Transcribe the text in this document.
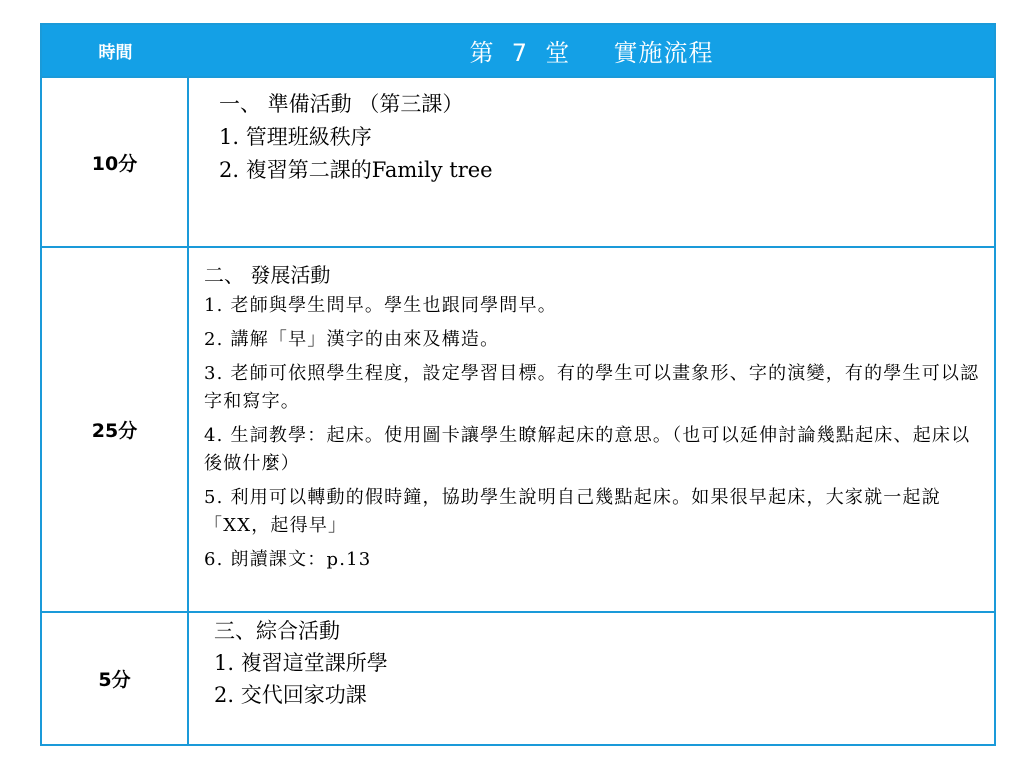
時間	第  7  堂
實施流程
10分
一、 準備活動 （第三課）
1. 管理班級秩序
2. 複習第二課的Family tree
25分
二、 發展活動
1. 老師與學生問早。學生也跟同學問早。
2. 講解「早」漢字的由來及構造。
3. 老師可依照學生程度，設定學習目標。有的學生可以畫象形、字的演變，有的學生可以認字和寫字。
4. 生詞教學：起床。使用圖卡讓學生瞭解起床的意思。（也可以延伸討論幾點起床、起床以後做什麼）
5. 利用可以轉動的假時鐘，協助學生說明自己幾點起床。如果很早起床，大家就一起說「XX，起得早」
6. 朗讀課文：p.13
5分
三、綜合活動
1. 複習這堂課所學
2. 交代回家功課
